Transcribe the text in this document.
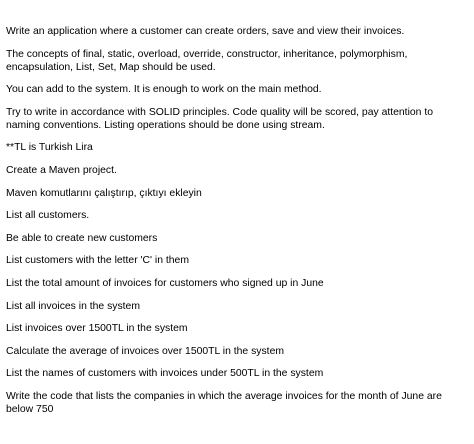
Write an application where a customer can create orders, save and view their invoices.

The concepts of final, static, overload, override, constructor, inheritance, polymorphism, encapsulation, List, Set, Map should be used.

You can add to the system. It is enough to work on the main method.

Try to write in accordance with SOLID principles. Code quality will be scored, pay attention to naming conventions. Listing operations should be done using stream.

**TL is Turkish Lira

Create a Maven project.

Maven komutlarını çalıştırıp, çıktıyı ekleyin

List all customers.

Be able to create new customers

List customers with the letter 'C' in them

List the total amount of invoices for customers who signed up in June

List all invoices in the system

List invoices over 1500TL in the system

Calculate the average of invoices over 1500TL in the system

List the names of customers with invoices under 500TL in the system

Write the code that lists the companies in which the average invoices for the month of June are below 750
